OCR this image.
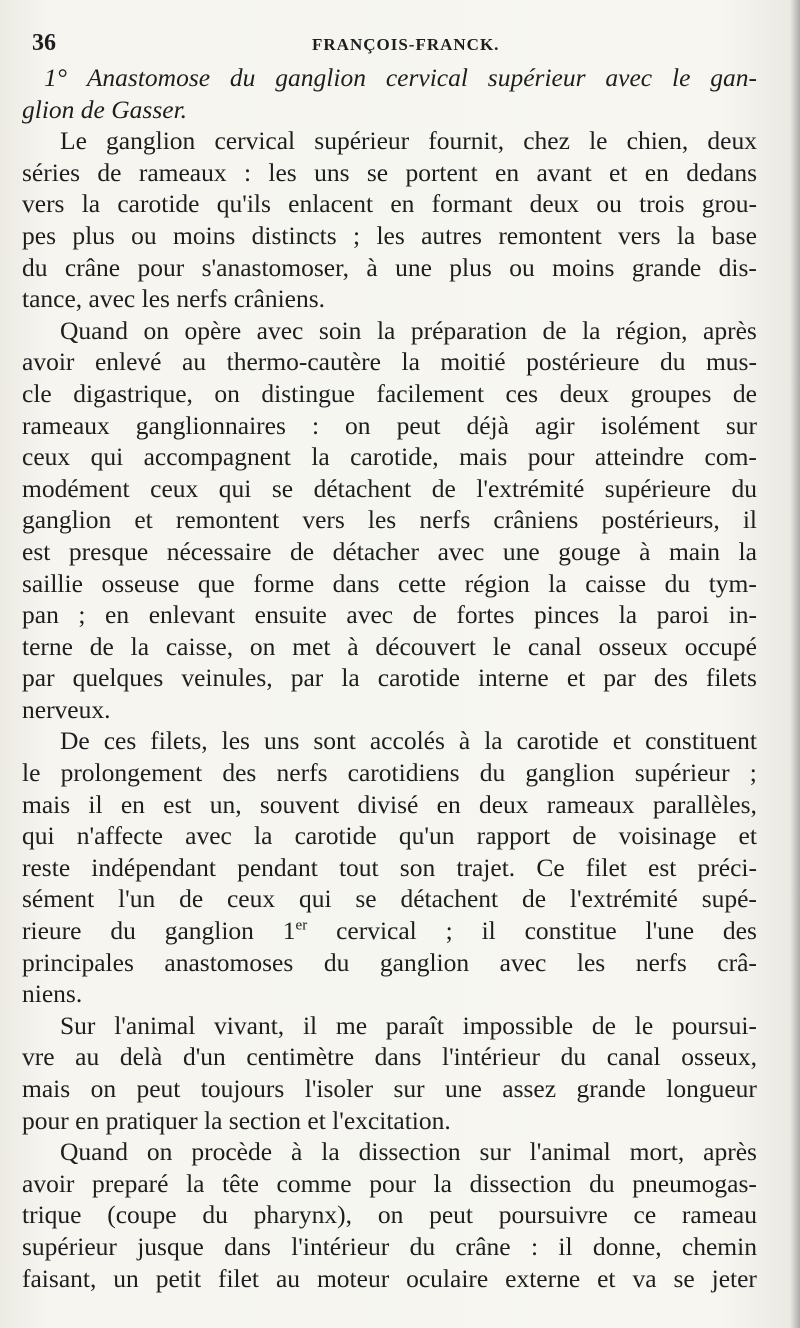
36	FRANÇOIS-FRANCK.
1° Anastomose du ganglion cervical supérieur avec le gan-
glion de Gasser.
Le ganglion cervical supérieur fournit, chez le chien, deux
séries de rameaux : les uns se portent en avant et en dedans
vers la carotide qu'ils enlacent en formant deux ou trois grou-
pes plus ou moins distincts ; les autres remontent vers la base
du crâne pour s'anastomoser, à une plus ou moins grande dis-
tance, avec les nerfs crâniens.
Quand on opère avec soin la préparation de la région, après
avoir enlevé au thermo-cautère la moitié postérieure du mus-
cle digastrique, on distingue facilement ces deux groupes de
rameaux ganglionnaires : on peut déjà agir isolément sur
ceux qui accompagnent la carotide, mais pour atteindre com-
modément ceux qui se détachent de l'extrémité supérieure du
ganglion et remontent vers les nerfs crâniens postérieurs, il
est presque nécessaire de détacher avec une gouge à main la
saillie osseuse que forme dans cette région la caisse du tym-
pan ; en enlevant ensuite avec de fortes pinces la paroi in-
terne de la caisse, on met à découvert le canal osseux occupé
par quelques veinules, par la carotide interne et par des filets
nerveux.
De ces filets, les uns sont accolés à la carotide et constituent
le prolongement des nerfs carotidiens du ganglion supérieur ;
mais il en est un, souvent divisé en deux rameaux parallèles,
qui n'affecte avec la carotide qu'un rapport de voisinage et
reste indépendant pendant tout son trajet. Ce filet est préci-
sément l'un de ceux qui se détachent de l'extrémité supé-
rieure du ganglion 1er cervical ; il constitue l'une des
principales anastomoses du ganglion avec les nerfs crâ-
niens.
Sur l'animal vivant, il me paraît impossible de le poursui-
vre au delà d'un centimètre dans l'intérieur du canal osseux,
mais on peut toujours l'isoler sur une assez grande longueur
pour en pratiquer la section et l'excitation.
Quand on procède à la dissection sur l'animal mort, après
avoir preparé la tête comme pour la dissection du pneumogas-
trique (coupe du pharynx), on peut poursuivre ce rameau
supérieur jusque dans l'intérieur du crâne : il donne, chemin
faisant, un petit filet au moteur oculaire externe et va se jeter
